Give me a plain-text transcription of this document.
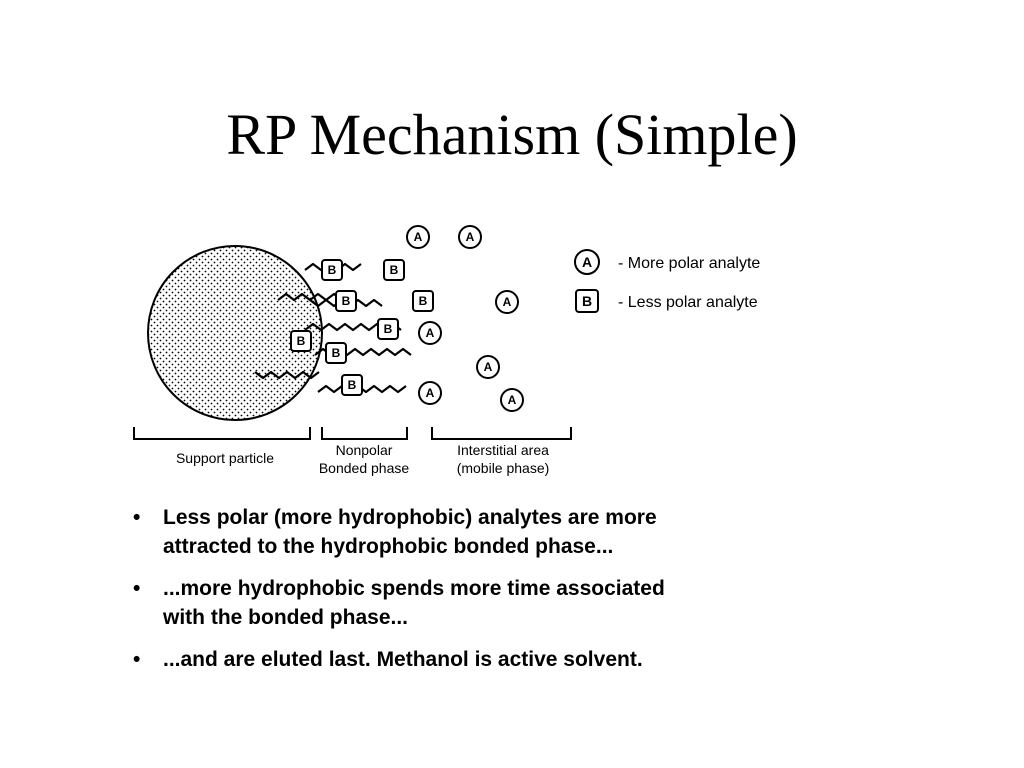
RP Mechanism (Simple)
B	B
B	B
B
B
B
B
A	A
A
A
A
A	A
A - More polar analyte
B - Less polar analyte
Support particle	Nonpolar
Bonded phase
Interstitial area
(mobile phase)
•	Less polar (more hydrophobic) analytes are more
attracted to the hydrophobic bonded phase...
•	...more hydrophobic spends more time associated
with the bonded phase...
•	...and are eluted last. Methanol is active solvent.
